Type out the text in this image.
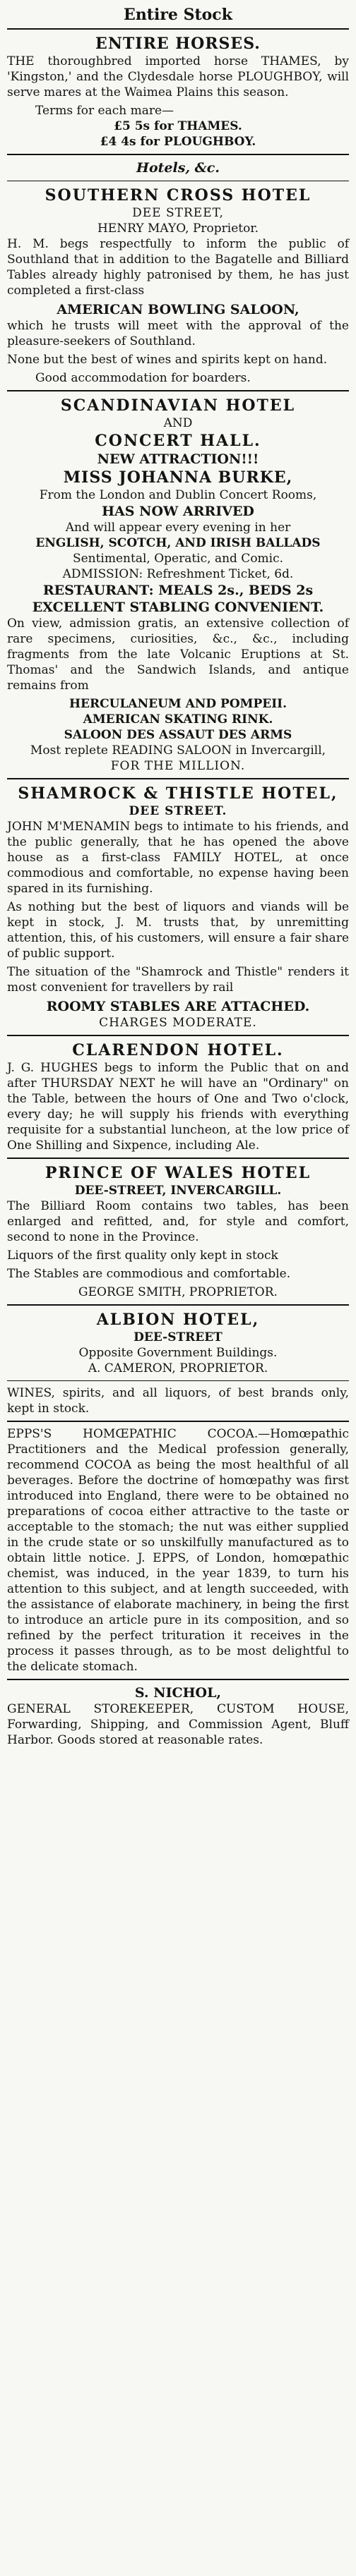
Entire Stock
ENTIRE HORSES.

THE thoroughbred imported horse THAMES, by 'Kingston,' and the Clydesdale horse PLOUGHBOY, will serve mares at the Waimea Plains this season.

Terms for each mare—
£5 5s for THAMES.
£4 4s for PLOUGHBOY.
Hotels, &c.
SOUTHERN CROSS HOTEL
DEE STREET,
HENRY MAYO, Proprietor.

H. M. begs respectfully to inform the public of Southland that in addition to the Bagatelle and Billiard Tables already highly patronised by them, he has just completed a first-class

AMERICAN BOWLING SALOON,

which he trusts will meet with the approval of the pleasure-seekers of Southland.

None but the best of wines and spirits kept on hand.

Good accommodation for boarders.

SCANDINAVIAN HOTEL
AND
CONCERT HALL.
NEW ATTRACTION!!!
MISS JOHANNA BURKE,
From the London and Dublin Concert Rooms,
HAS NOW ARRIVED
And will appear every evening in her
ENGLISH, SCOTCH, AND IRISH BALLADS
Sentimental, Operatic, and Comic.
ADMISSION: Refreshment Ticket, 6d.
RESTAURANT: MEALS 2s., BEDS 2s
EXCELLENT STABLING CONVENIENT.

On view, admission gratis, an extensive collection of rare specimens, curiosities, &c., &c., including fragments from the late Volcanic Eruptions at St. Thomas' and the Sandwich Islands, and antique remains from

HERCULANEUM AND POMPEII.
AMERICAN SKATING RINK.
SALOON DES ASSAUT DES ARMS
Most replete READING SALOON in Invercargill,
FOR THE MILLION.
SHAMROCK & THISTLE HOTEL,
DEE STREET.

JOHN M'MENAMIN begs to intimate to his friends, and the public generally, that he has opened the above house as a first-class FAMILY HOTEL, at once commodious and comfortable, no expense having been spared in its furnishing.

As nothing but the best of liquors and viands will be kept in stock, J. M. trusts that, by unremitting attention, this, of his customers, will ensure a fair share of public support.

The situation of the "Shamrock and Thistle" renders it most convenient for travellers by rail

ROOMY STABLES ARE ATTACHED.
CHARGES MODERATE.
CLARENDON HOTEL.

J. G. HUGHES begs to inform the Public that on and after THURSDAY NEXT he will have an "Ordinary" on the Table, between the hours of One and Two o'clock, every day; he will supply his friends with everything requisite for a substantial luncheon, at the low price of One Shilling and Sixpence, including Ale.

PRINCE OF WALES HOTEL
DEE-STREET, INVERCARGILL.

The Billiard Room contains two tables, has been enlarged and refitted, and, for style and comfort, second to none in the Province.

Liquors of the first quality only kept in stock

The Stables are commodious and comfortable.

GEORGE SMITH, PROPRIETOR.
ALBION HOTEL,
DEE-STREET
Opposite Government Buildings.
A. CAMERON, PROPRIETOR.

WINES, spirits, and all liquors, of best brands only, kept in stock.

EPPS'S HOMŒPATHIC COCOA.—Homœpathic Practitioners and the Medical profession generally, recommend COCOA as being the most healthful of all beverages. Before the doctrine of homœpathy was first introduced into England, there were to be obtained no preparations of cocoa either attractive to the taste or acceptable to the stomach; the nut was either supplied in the crude state or so unskilfully manufactured as to obtain little notice. J. EPPS, of London, homœpathic chemist, was induced, in the year 1839, to turn his attention to this subject, and at length succeeded, with the assistance of elaborate machinery, in being the first to introduce an article pure in its composition, and so refined by the perfect trituration it receives in the process it passes through, as to be most delightful to the delicate stomach.

S. NICHOL,

GENERAL STOREKEEPER, CUSTOM HOUSE, Forwarding, Shipping, and Commission Agent, Bluff Harbor. Goods stored at reasonable rates.
